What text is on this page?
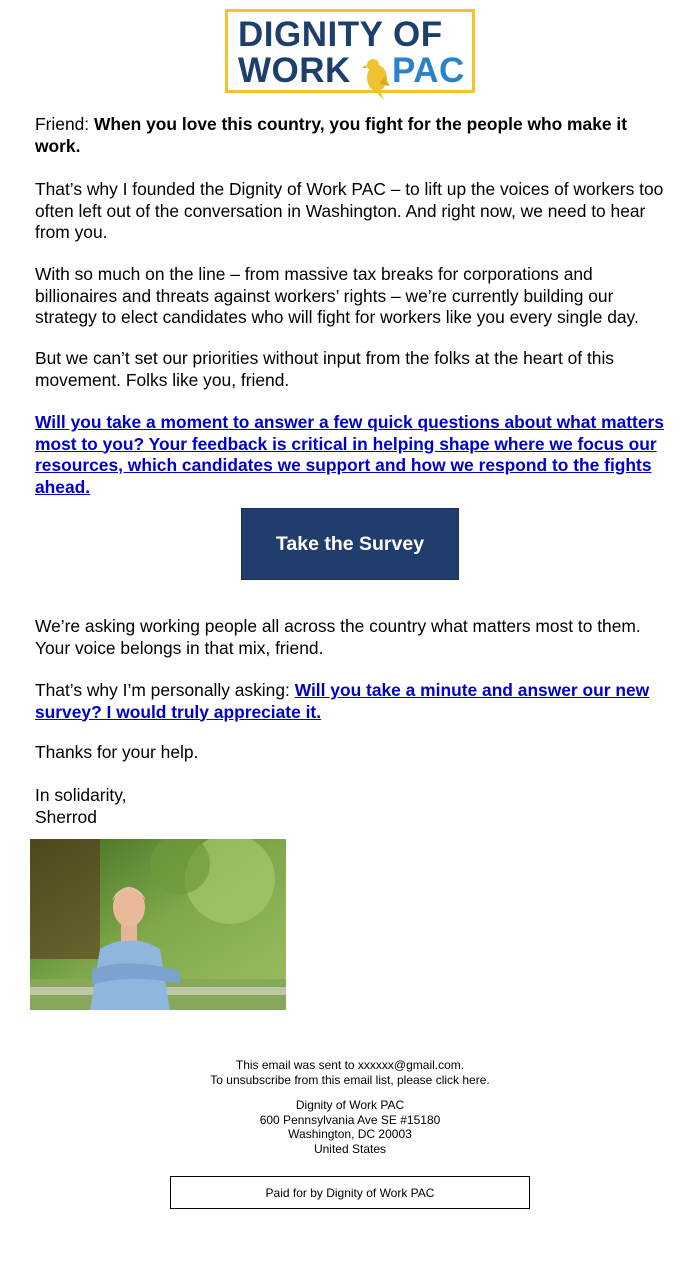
DIGNITY OF
WORK PAC

Friend: When you love this country, you fight for the people who make it work.

That’s why I founded the Dignity of Work PAC – to lift up the voices of workers too often left out of the conversation in Washington. And right now, we need to hear from you.

With so much on the line – from massive tax breaks for corporations and billionaires and threats against workers’ rights – we’re currently building our strategy to elect candidates who will fight for workers like you every single day.

But we can’t set our priorities without input from the folks at the heart of this movement. Folks like you, friend.

Will you take a moment to answer a few quick questions about what matters most to you? Your feedback is critical in helping shape where we focus our resources, which candidates we support and how we respond to the fights ahead.

Take the Survey

We’re asking working people all across the country what matters most to them. Your voice belongs in that mix, friend.

That’s why I’m personally asking: Will you take a minute and answer our new survey? I would truly appreciate it.

Thanks for your help.

In solidarity,
Sherrod

This email was sent to xxxxxx@gmail.com.
To unsubscribe from this email list, please click here.

Dignity of Work PAC
600 Pennsylvania Ave SE #15180
Washington, DC 20003
United States

Paid for by Dignity of Work PAC
